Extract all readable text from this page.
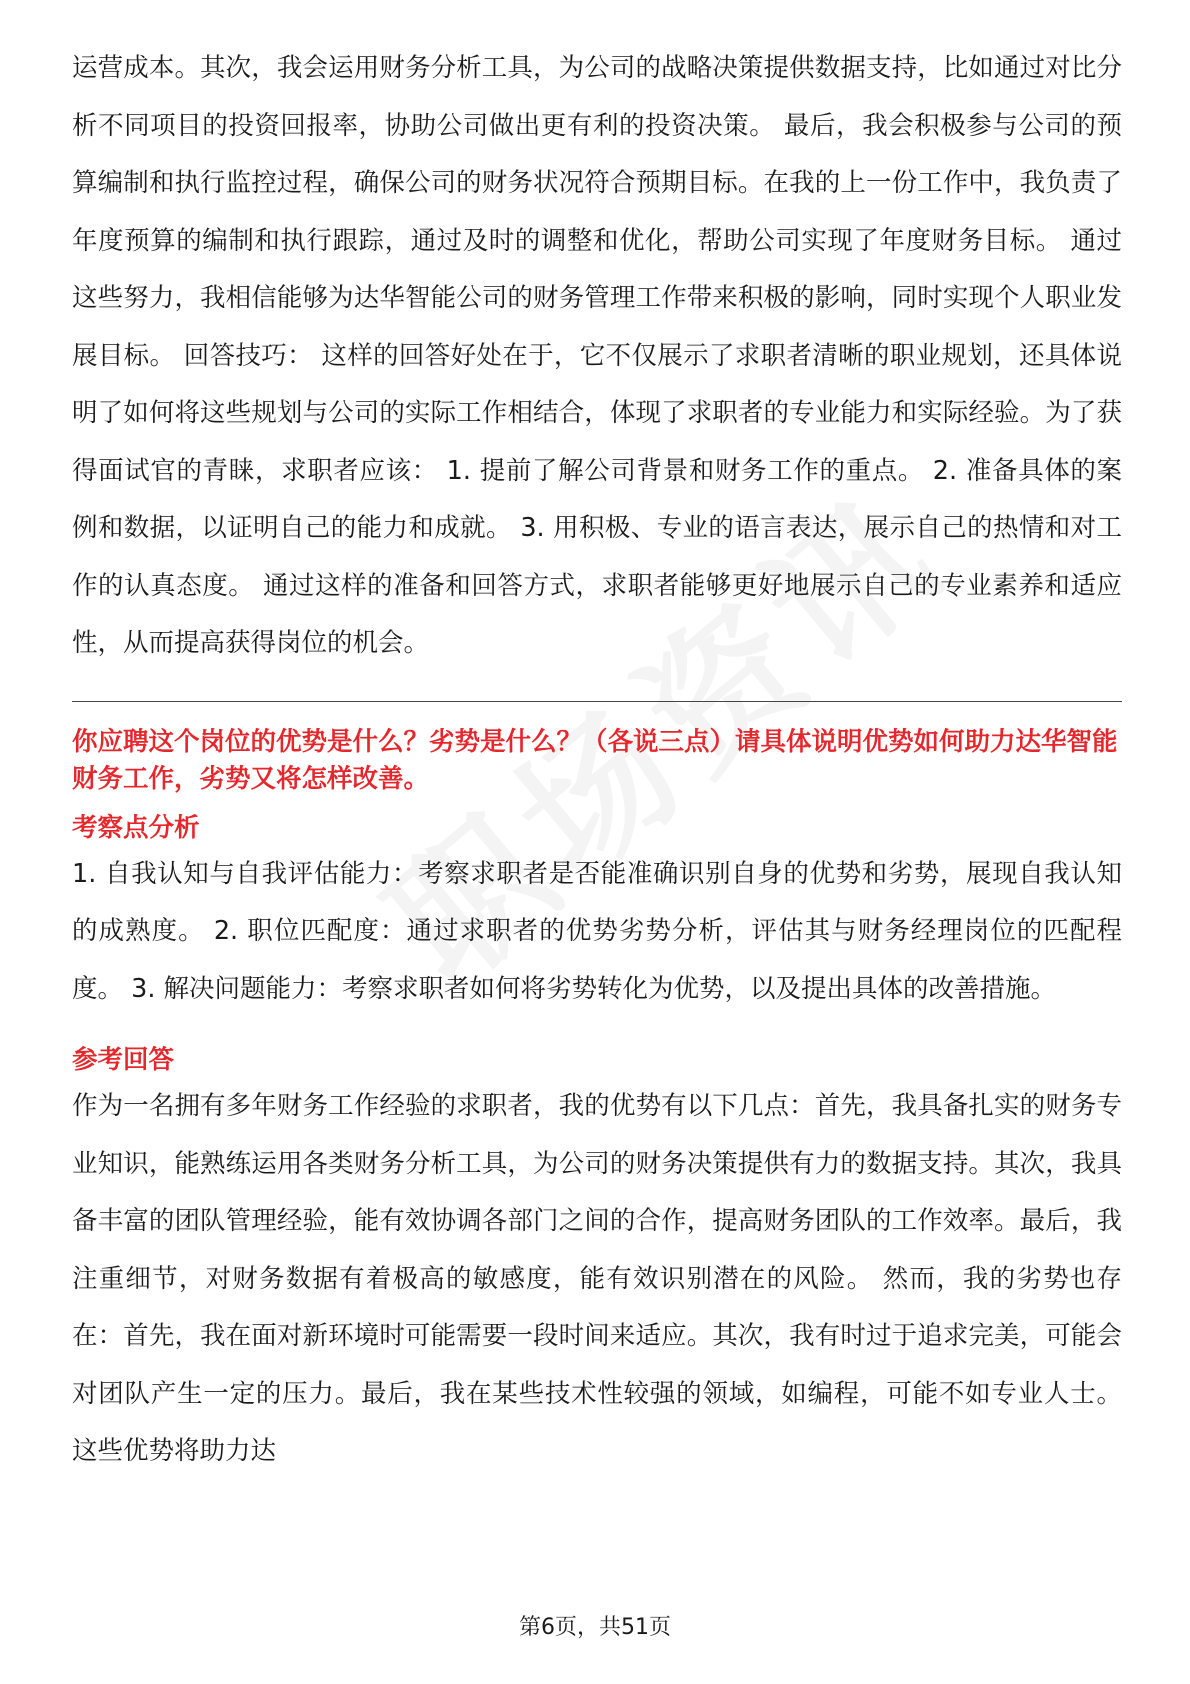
运营成本。其次，我会运用财务分析工具，为公司的战略决策提供数据支持，比如通过对比分析不同项目的投资回报率，协助公司做出更有利的投资决策。 最后，我会积极参与公司的预算编制和执行监控过程，确保公司的财务状况符合预期目标。在我的上一份工作中，我负责了年度预算的编制和执行跟踪，通过及时的调整和优化，帮助公司实现了年度财务目标。 通过这些努力，我相信能够为达华智能公司的财务管理工作带来积极的影响，同时实现个人职业发展目标。 回答技巧： 这样的回答好处在于，它不仅展示了求职者清晰的职业规划，还具体说明了如何将这些规划与公司的实际工作相结合，体现了求职者的专业能力和实际经验。为了获得面试官的青睐，求职者应该： 1. 提前了解公司背景和财务工作的重点。 2. 准备具体的案例和数据，以证明自己的能力和成就。 3. 用积极、专业的语言表达，展示自己的热情和对工作的认真态度。 通过这样的准备和回答方式，求职者能够更好地展示自己的专业素养和适应性，从而提高获得岗位的机会。

你应聘这个岗位的优势是什么？劣势是什么？（各说三点）请具体说明优势如何助力达华智能财务工作，劣势又将怎样改善。

考察点分析

1. 自我认知与自我评估能力：考察求职者是否能准确识别自身的优势和劣势，展现自我认知的成熟度。 2. 职位匹配度：通过求职者的优势劣势分析，评估其与财务经理岗位的匹配程度。 3. 解决问题能力：考察求职者如何将劣势转化为优势，以及提出具体的改善措施。

参考回答

作为一名拥有多年财务工作经验的求职者，我的优势有以下几点：首先，我具备扎实的财务专业知识，能熟练运用各类财务分析工具，为公司的财务决策提供有力的数据支持。其次，我具备丰富的团队管理经验，能有效协调各部门之间的合作，提高财务团队的工作效率。最后，我注重细节，对财务数据有着极高的敏感度，能有效识别潜在的风险。 然而，我的劣势也存在：首先，我在面对新环境时可能需要一段时间来适应。其次，我有时过于追求完美，可能会对团队产生一定的压力。最后，我在某些技术性较强的领域，如编程，可能不如专业人士。 这些优势将助力达

第6页，共51页
